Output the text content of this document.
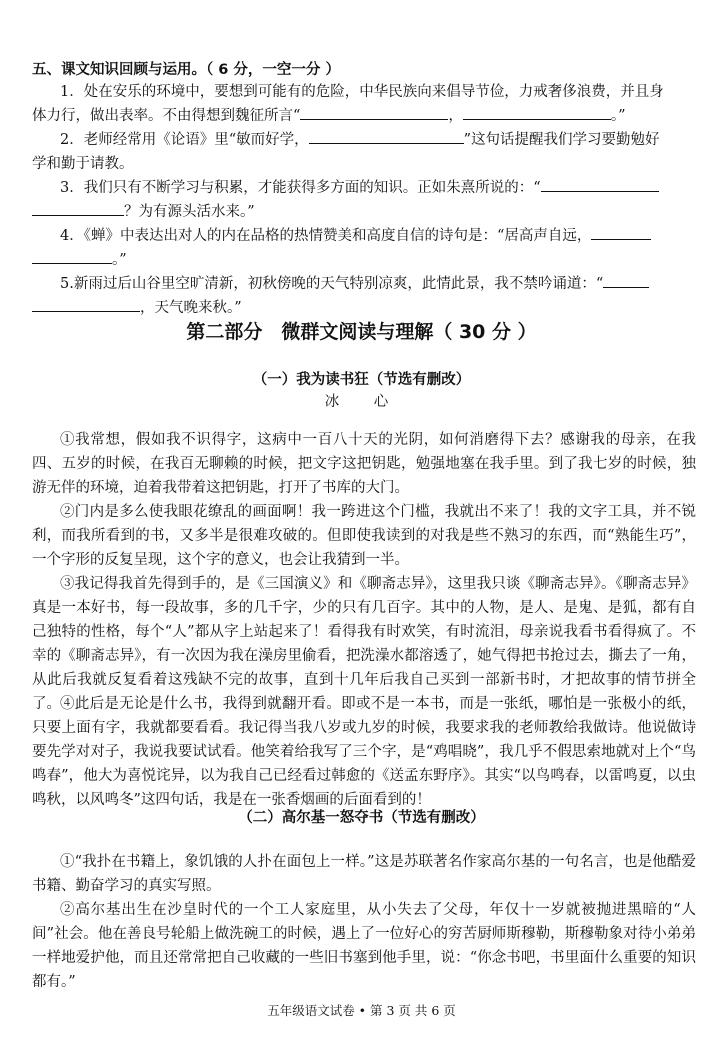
五、课文知识回顾与运用。（ 6 分，一空一分 ）
1．处在安乐的环境中，要想到可能有的危险，中华民族向来倡导节俭，力戒奢侈浪费，并且身
体力行，做出表率。不由得想到魏征所言“	，	。”
2．老师经常用《论语》里“敏而好学，	”这句话提醒我们学习要勤勉好
学和勤于请教。
3．我们只有不断学习与积累，才能获得多方面的知识。正如朱熹所说的：“
？为有源头活水来。”
4．《蝉》中表达出对人的内在品格的热情赞美和高度自信的诗句是：“居高声自远，
。”
5.新雨过后山谷里空旷清新，初秋傍晚的天气特别凉爽，此情此景，我不禁吟诵道：“
，天气晚来秋。”
第二部分　微群文阅读与理解（ 30 分 ）
（一）我为读书狂（节选有删改）
冰　心
①我常想，假如我不识得字，这病中一百八十天的光阴，如何消磨得下去？感谢我的母亲，在我四、五岁的时候，在我百无聊赖的时候，把文字这把钥匙，勉强地塞在我手里。到了我七岁的时候，独游无伴的环境，迫着我带着这把钥匙，打开了书库的大门。
②门内是多么使我眼花缭乱的画面啊！我一跨进这个门槛，我就出不来了！我的文字工具，并不锐利，而我所看到的书，又多半是很难攻破的。但即使我读到的对我是些不熟习的东西，而“熟能生巧”，一个字形的反复呈现，这个字的意义，也会让我猜到一半。
③我记得我首先得到手的，是《三国演义》和《聊斋志异》，这里我只谈《聊斋志异》。《聊斋志异》真是一本好书，每一段故事，多的几千字，少的只有几百字。其中的人物，是人、是鬼、是狐，都有自己独特的性格，每个“人”都从字上站起来了！看得我有时欢笑，有时流泪，母亲说我看书看得疯了。不幸的《聊斋志异》，有一次因为我在澡房里偷看，把洗澡水都溶透了，她气得把书抢过去，撕去了一角，从此后我就反复看着这残缺不完的故事，直到十几年后我自己买到一部新书时，才把故事的情节拼全了。 ④此后是无论是什么书，我得到就翻开看。即或不是一本书，而是一张纸，哪怕是一张极小的纸，只要上面有字，我就都要看看。我记得当我八岁或九岁的时候，我要求我的老师教给我做诗。他说做诗要先学对对子，我说我要试试看。他笑着给我写了三个字，是“鸡唱晓”，我几乎不假思索地就对上个“鸟鸣春”，他大为喜悦诧异，以为我自己已经看过韩愈的《送孟东野序》。其实“以鸟鸣春，以雷鸣夏，以虫鸣秋，以风鸣冬”这四句话，我是在一张香烟画的后面看到的！
（二）高尔基一怒夺书（节选有删改）
①“我扑在书籍上，象饥饿的人扑在面包上一样。”这是苏联著名作家高尔基的一句名言，也是他酷爱书籍、勤奋学习的真实写照。
②高尔基出生在沙皇时代的一个工人家庭里，从小失去了父母，年仅十一岁就被抛进黑暗的“人间”社会。他在善良号轮船上做洗碗工的时候，遇上了一位好心的穷苦厨师斯穆勒，斯穆勒象对待小弟弟一样地爱护他，而且还常常把自己收藏的一些旧书塞到他手里，说：“你念书吧，书里面什么重要的知识都有。”
五年级语文试卷 • 第 3 页 共 6 页
